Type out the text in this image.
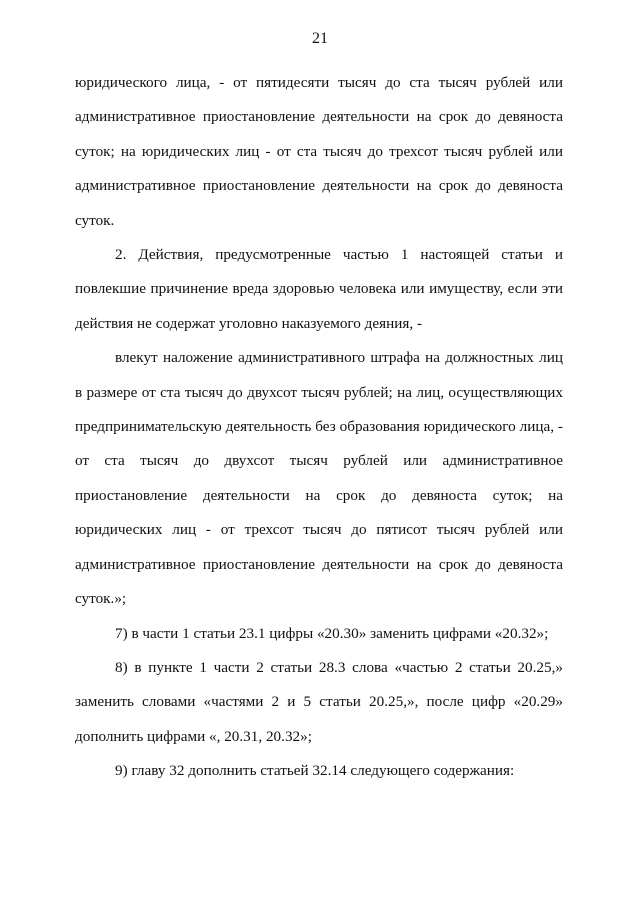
21

юридического лица, - от пятидесяти тысяч до ста тысяч рублей или административное приостановление деятельности на срок до девяноста суток; на юридических лиц - от ста тысяч до трехсот тысяч рублей или административное приостановление деятельности на срок до девяноста суток.

2. Действия, предусмотренные частью 1 настоящей статьи и повлекшие причинение вреда здоровью человека или имуществу, если эти действия не содержат уголовно наказуемого деяния, -

влекут наложение административного штрафа на должностных лиц в размере от ста тысяч до двухсот тысяч рублей; на лиц, осуществляющих предпринимательскую деятельность без образования юридического лица, - от ста тысяч до двухсот тысяч рублей или административное приостановление деятельности на срок до девяноста суток; на юридических лиц - от трехсот тысяч до пятисот тысяч рублей или административное приостановление деятельности на срок до девяноста суток.»;

7) в части 1 статьи 23.1 цифры «20.30» заменить цифрами «20.32»;

8) в пункте 1 части 2 статьи 28.3 слова «частью 2 статьи 20.25,» заменить словами «частями 2 и 5 статьи 20.25,», после цифр «20.29» дополнить цифрами «, 20.31, 20.32»;

9) главу 32 дополнить статьей 32.14 следующего содержания:
